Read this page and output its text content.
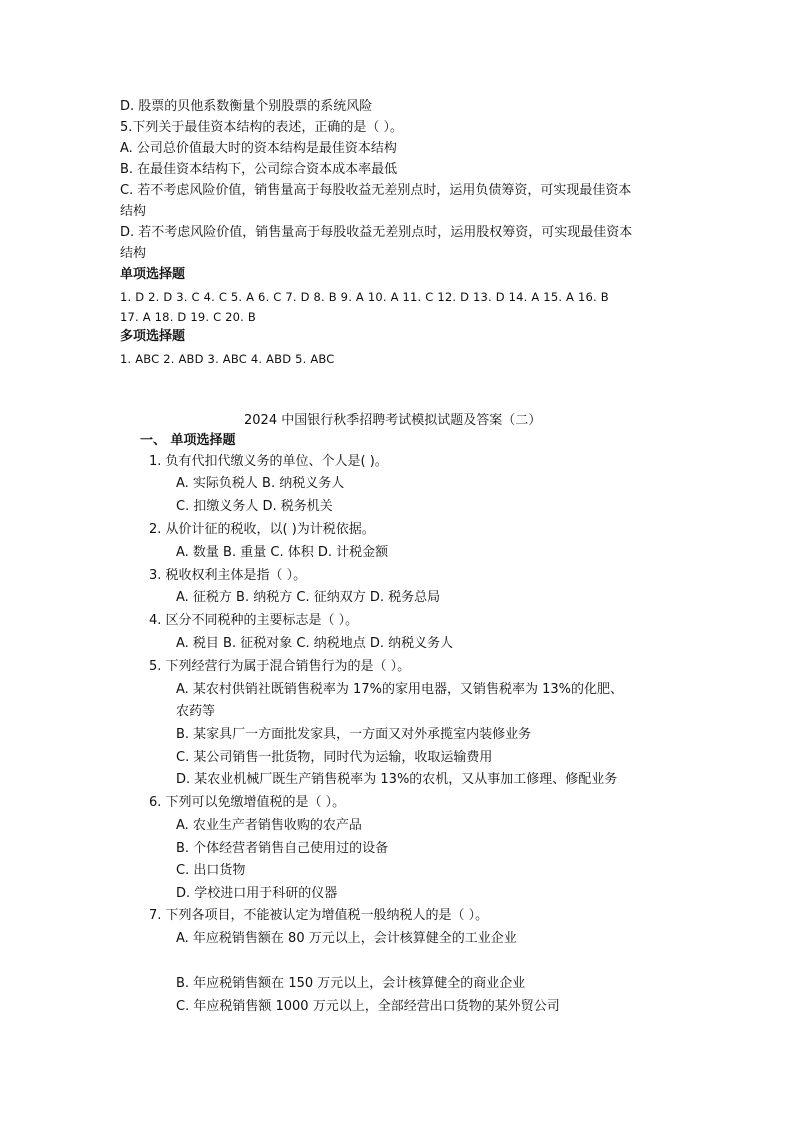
D. 股票的贝他系数衡量个别股票的系统风险
5.下列关于最佳资本结构的表述，正确的是（ ）。
A. 公司总价值最大时的资本结构是最佳资本结构
B. 在最佳资本结构下，公司综合资本成本率最低
C. 若不考虑风险价值，销售量高于每股收益无差别点时，运用负债筹资，可实现最佳资本
结构
D. 若不考虑风险价值，销售量高于每股收益无差别点时，运用股权筹资，可实现最佳资本
结构
单项选择题
1. D 2. D 3. C 4. C 5. A 6. C 7. D 8. B 9. A 10. A 11. C 12. D 13. D 14. A 15. A 16. B
17. A 18. D 19. C 20. B
多项选择题
1. ABC 2. ABD 3. ABC 4. ABD 5. ABC
2024 中国银行秋季招聘考试模拟试题及答案（二）
一、 单项选择题
1. 负有代扣代缴义务的单位、个人是( )。
A. 实际负税人 B. 纳税义务人
C. 扣缴义务人 D. 税务机关
2. 从价计征的税收，以( )为计税依据。
A. 数量 B. 重量 C. 体积 D. 计税金额
3. 税收权利主体是指（ ）。
A. 征税方 B. 纳税方 C. 征纳双方 D. 税务总局
4. 区分不同税种的主要标志是（ ）。
A. 税目 B. 征税对象 C. 纳税地点 D. 纳税义务人
5. 下列经营行为属于混合销售行为的是（ ）。
A. 某农村供销社既销售税率为 17%的家用电器，又销售税率为 13%的化肥、
农药等
B. 某家具厂一方面批发家具，一方面又对外承揽室内装修业务
C. 某公司销售一批货物，同时代为运输，收取运输费用
D. 某农业机械厂既生产销售税率为 13%的农机，又从事加工修理、修配业务
6. 下列可以免缴增值税的是（ ）。
A. 农业生产者销售收购的农产品
B. 个体经营者销售自己使用过的设备
C. 出口货物
D. 学校进口用于科研的仪器
7. 下列各项目，不能被认定为增值税一般纳税人的是（ ）。
A. 年应税销售额在 80 万元以上，会计核算健全的工业企业
B. 年应税销售额在 150 万元以上，会计核算健全的商业企业
C. 年应税销售额 1000 万元以上，全部经营出口货物的某外贸公司
